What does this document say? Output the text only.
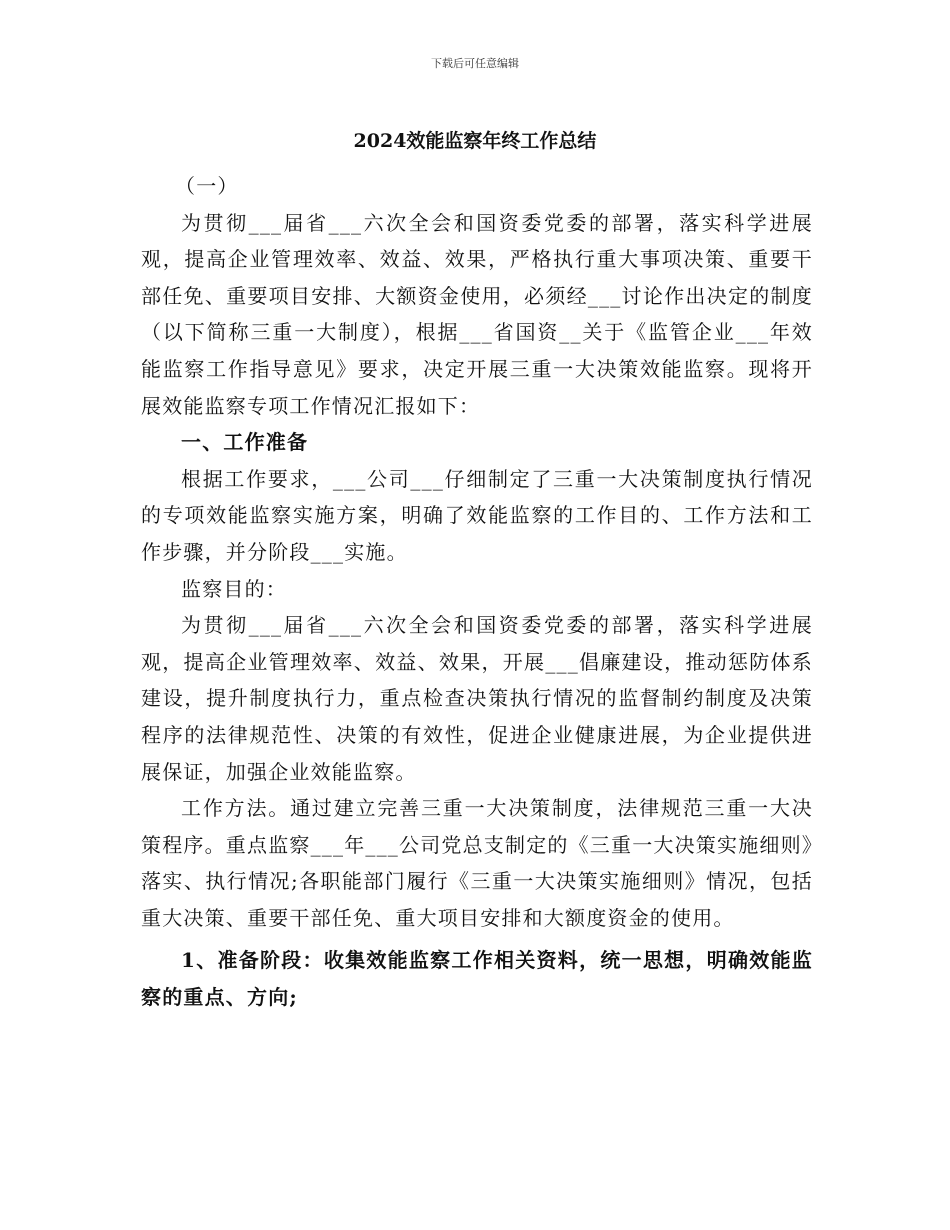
下载后可任意编辑
2024效能监察年终工作总结

（一）

为贯彻___届省___六次全会和国资委党委的部署，落实科学进展观，提高企业管理效率、效益、效果，严格执行重大事项决策、重要干部任免、重要项目安排、大额资金使用，必须经___讨论作出决定的制度（以下简称三重一大制度），根据___省国资__关于《监管企业___年效能监察工作指导意见》要求，决定开展三重一大决策效能监察。现将开展效能监察专项工作情况汇报如下：

一、工作准备

根据工作要求，___公司___仔细制定了三重一大决策制度执行情况的专项效能监察实施方案，明确了效能监察的工作目的、工作方法和工作步骤，并分阶段___实施。

监察目的：

为贯彻___届省___六次全会和国资委党委的部署，落实科学进展观，提高企业管理效率、效益、效果，开展___倡廉建设，推动惩防体系建设，提升制度执行力，重点检查决策执行情况的监督制约制度及决策程序的法律规范性、决策的有效性，促进企业健康进展，为企业提供进展保证，加强企业效能监察。

工作方法。通过建立完善三重一大决策制度，法律规范三重一大决策程序。重点监察___年___公司党总支制定的《三重一大决策实施细则》落实、执行情况;各职能部门履行《三重一大决策实施细则》情况，包括重大决策、重要干部任免、重大项目安排和大额度资金的使用。

1、准备阶段：收集效能监察工作相关资料，统一思想，明确效能监察的重点、方向;
